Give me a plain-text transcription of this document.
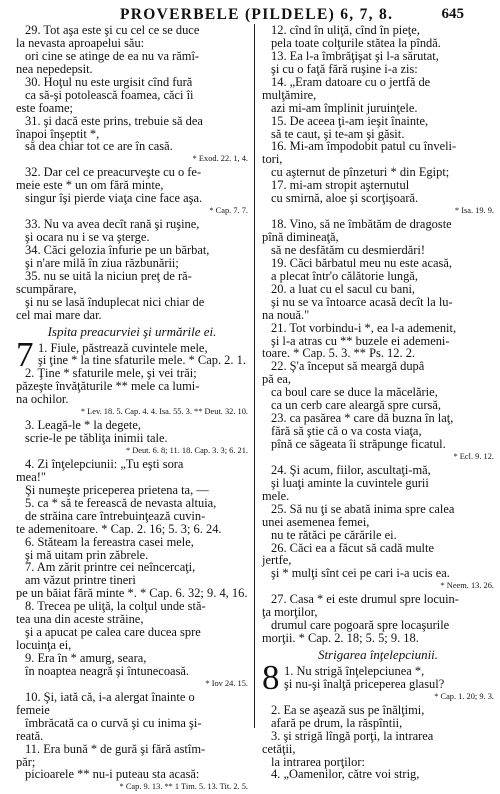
PROVERBELE (PILDELE) 6, 7, 8.	645
29. Tot aşa este şi cu cel ce se duce
la nevasta aproapelui său:
ori cine se atinge de ea nu va rămî-
nea nepedepsit.
30. Hoţul nu este urgisit cînd fură
ca să-şi potolească foamea, căci îi
este foame;
31. şi dacă este prins, trebuie să dea
înapoi înşeptit *,
să dea chiar tot ce are în casă.
* Exod. 22. 1, 4.
32. Dar cel ce preacurveşte cu o fe-
meie este * un om fără minte,
singur îşi pierde viaţa cine face aşa.
* Cap. 7. 7.
33. Nu va avea decît rană şi ruşine,
şi ocara nu i se va şterge.
34. Căci gelozia înfurie pe un bărbat,
şi n'are milă în ziua răzbunării;
35. nu se uită la niciun preţ de ră-
scumpărare,
şi nu se lasă înduplecat nici chiar de
cel mai mare dar.
Ispita preacurviei şi urmările ei.
7 1. Fiule, păstrează cuvintele mele,
şi ţine * la tine sfaturile mele. * Cap. 2. 1.
2. Ţine * sfaturile mele, şi vei trăi;
păzeşte învăţăturile ** mele ca lumi-
na ochilor.
* Lev. 18. 5. Cap. 4. 4. Isa. 55. 3. ** Deut. 32. 10.
3. Leagă-le * la degete,
scrie-le pe tăbliţa inimii tale.
* Deut. 6. 8; 11. 18. Cap. 3. 3; 6. 21.
4. Zi înţelepciunii: „Tu eşti sora
mea!"
Şi numeşte priceperea prietena ta, —
5. ca * să te ferească de nevasta altuia,
de străina care întrebuinţează cuvin-
te ademenitoare. * Cap. 2. 16; 5. 3; 6. 24.
6. Stăteam la fereastra casei mele,
şi mă uitam prin zăbrele.
7. Am zărit printre cei neîncercaţi,
am văzut printre tineri
pe un băiat fără minte *. * Cap. 6. 32; 9. 4, 16.
8. Trecea pe uliţă, la colţul unde stă-
tea una din aceste străine,
şi a apucat pe calea care ducea spre
locuinţa ei,
9. Era în * amurg, seara,
în noaptea neagră şi întunecoasă.
* Iov 24. 15.
10. Şi, iată că, i-a alergat înainte o
femeie
îmbrăcată ca o curvă şi cu inima şi-
reată.
11. Era bună * de gură şi fără astîm-
păr;
picioarele ** nu-i puteau sta acasă:
* Cap. 9. 13. ** 1 Tim. 5. 13. Tit. 2. 5.
12. cînd în uliţă, cînd în pieţe,
pela toate colţurile stătea la pîndă.
13. Ea l-a îmbrăţişat şi l-a sărutat,
şi cu o faţă fără ruşine i-a zis:
14. „Eram datoare cu o jertfă de
mulţămire,
azi mi-am împlinit juruinţele.
15. De aceea ţi-am ieşit înainte,
să te caut, şi te-am şi găsit.
16. Mi-am împodobit patul cu înveli-
tori,
cu aşternut de pînzeturi * din Egipt;
17. mi-am stropit aşternutul
cu smirnă, aloe şi scorţişoară.
* Isa. 19. 9.
18. Vino, să ne îmbătăm de dragoste
pînă dimineaţă,
să ne desfătăm cu desmierdări!
19. Căci bărbatul meu nu este acasă,
a plecat într'o călătorie lungă,
20. a luat cu el sacul cu bani,
şi nu se va întoarce acasă decît la lu-
na nouă."
21. Tot vorbindu-i *, ea l-a ademenit,
şi l-a atras cu ** buzele ei ademeni-
toare. * Cap. 5. 3. ** Ps. 12. 2.
22. Ş'a început să meargă dupâ
pă ea,
ca boul care se duce la măcelărie,
ca un cerb care aleargă spre cursă,
23. ca pasărea * care dă buzna în laţ,
fără să ştie că o va costa viaţa,
pînă ce săgeata îi străpunge ficatul.
* Ecl. 9. 12.
24. Şi acum, fiilor, ascultaţi-mă,
şi luaţi aminte la cuvintele gurii
mele.
25. Să nu ţi se abată inima spre calea
unei asemenea femei,
nu te rătăci pe cărările ei.
26. Căci ea a făcut să cadă multe
jertfe,
şi * mulţi sînt cei pe cari i-a ucis ea.
* Neem. 13. 26.
27. Casa * ei este drumul spre locuin-
ţa morţilor,
drumul care pogoară spre locaşurile
morţii. * Cap. 2. 18; 5. 5; 9. 18.
Strigarea înţelepciunii.
8 1. Nu strigă înţelepciunea *,
şi nu-şi înalţă priceperea glasul?
* Cap. 1. 20; 9. 3.
2. Ea se aşează sus pe înălţimi,
afară pe drum, la răspîntii,
3. şi strigă lîngă porţi, la intrarea
cetăţii,
la intrarea porţilor:
4. „Oamenilor, către voi strig,
